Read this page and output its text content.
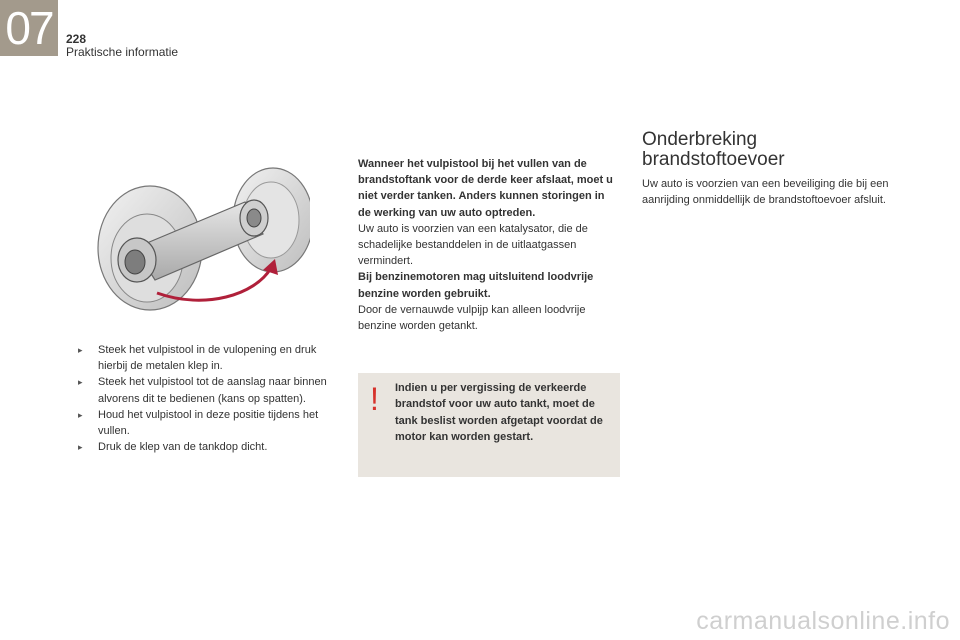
07	228
Praktische informatie
▸ Steek het vulpistool in de vulopening en druk hierbij de metalen klep in.
▸ Steek het vulpistool tot de aanslag naar binnen alvorens dit te bedienen (kans op spatten).
▸ Houd het vulpistool in deze positie tijdens het vullen.
▸ Druk de klep van de tankdop dicht.

Wanneer het vulpistool bij het vullen van de brandstoftank voor de derde keer afslaat, moet u niet verder tanken. Anders kunnen storingen in de werking van uw auto optreden.

Uw auto is voorzien van een katalysator, die de schadelijke bestanddelen in de uitlaatgassen vermindert.

Bij benzinemotoren mag uitsluitend loodvrije benzine worden gebruikt.

Door de vernauwde vulpijp kan alleen loodvrije benzine worden getankt.

! Indien u per vergissing de verkeerde brandstof voor uw auto tankt, moet de tank beslist worden afgetapt voordat de motor kan worden gestart.

Onderbreking
brandstoftoevoer

Uw auto is voorzien van een beveiliging die bij een aanrijding onmiddellijk de brandstoftoevoer afsluit.

carmanualsonline.info
